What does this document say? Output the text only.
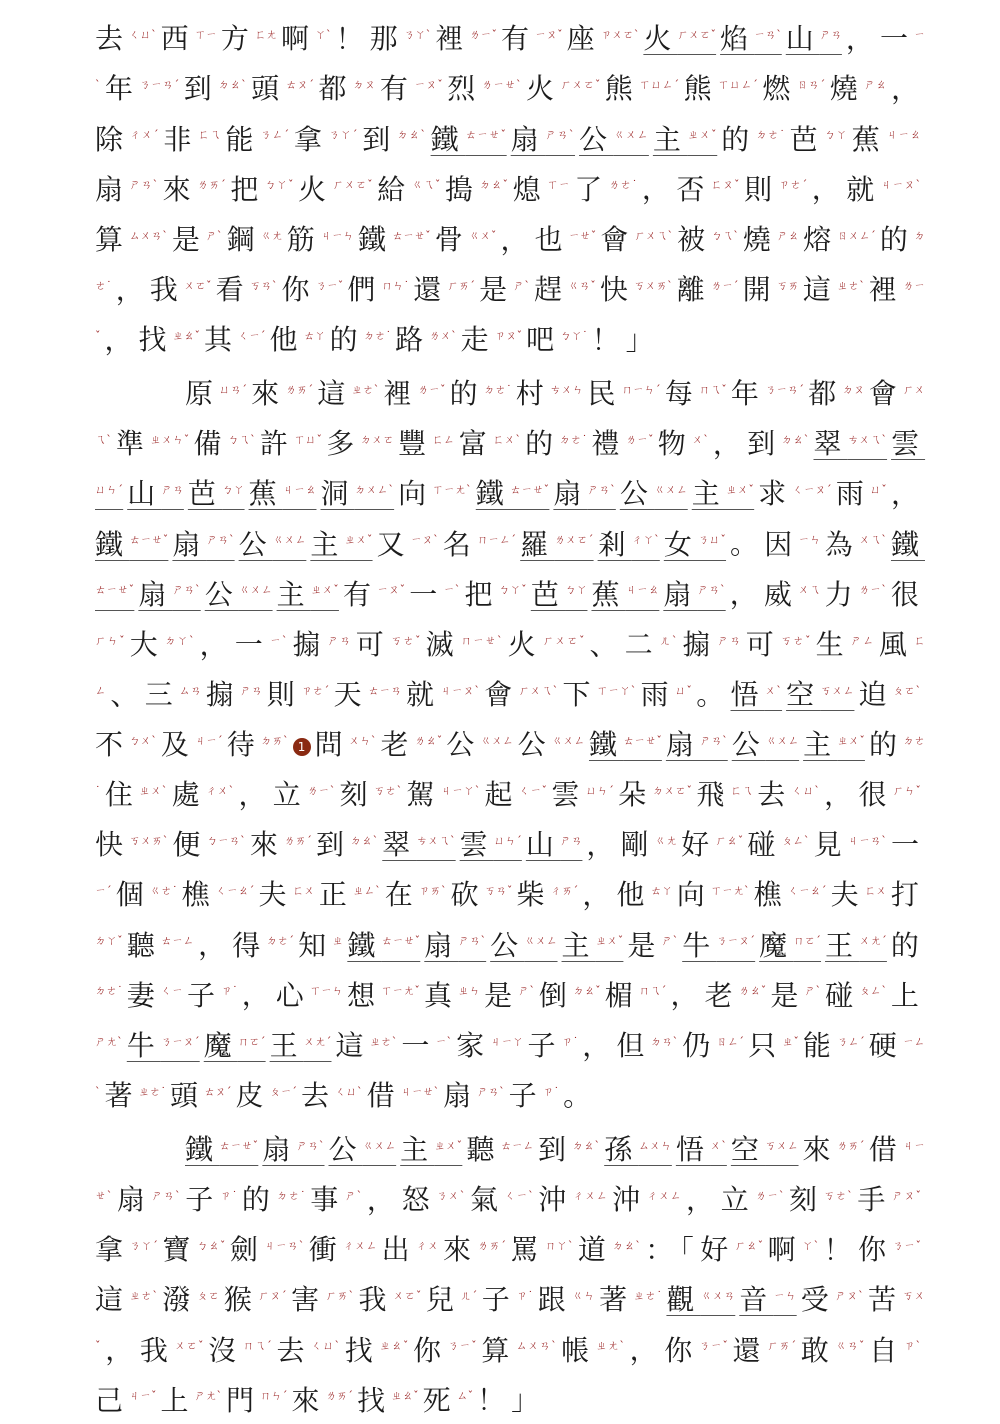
去$^{ㄑㄩˋ}$ 西$^{ㄒㄧ}$ 方$^{ㄈㄤ}$ 啊$^{ㄚˋ}$ ！那$^{ㄋㄚˋ}$ 裡$^{ㄌㄧˇ}$ 有$^{ㄧㄡˇ}$ 座$^{ㄗㄨㄛˋ}$ 火$^{ㄏㄨㄛˇ}$ 焰$^{ㄧㄢˋ}$ 山$^{ㄕㄢ}$ ，一$^{ㄧˋ}$ 年$^{ㄋㄧㄢˊ}$ 到$^{ㄉㄠˋ}$ 頭$^{ㄊㄡˊ}$ 都$^{ㄉㄡ}$ 有$^{ㄧㄡˇ}$ 烈$^{ㄌㄧㄝˋ}$ 火$^{ㄏㄨㄛˇ}$ 熊$^{ㄒㄩㄥˊ}$ 熊$^{ㄒㄩㄥˊ}$ 燃$^{ㄖㄢˊ}$ 燒$^{ㄕㄠ}$ ，除$^{ㄔㄨˊ}$ 非$^{ㄈㄟ}$ 能$^{ㄋㄥˊ}$ 拿$^{ㄋㄚˊ}$ 到$^{ㄉㄠˋ}$ 鐵$^{ㄊㄧㄝˇ}$ 扇$^{ㄕㄢˋ}$ 公$^{ㄍㄨㄥ}$ 主$^{ㄓㄨˇ}$ 的$^{ㄉㄜ˙}$ 芭$^{ㄅㄚ}$ 蕉$^{ㄐㄧㄠ}$扇$^{ㄕㄢˋ}$ 來$^{ㄌㄞˊ}$ 把$^{ㄅㄚˇ}$ 火$^{ㄏㄨㄛˇ}$ 給$^{ㄍㄟˇ}$ 搗$^{ㄉㄠˇ}$ 熄$^{ㄒㄧ}$ 了$^{ㄌㄜ˙}$ ，否$^{ㄈㄡˇ}$ 則$^{ㄗㄜˊ}$ ，就$^{ㄐㄧㄡˋ}$算$^{ㄙㄨㄢˋ}$ 是$^{ㄕˋ}$ 鋼$^{ㄍㄤ}$ 筋$^{ㄐㄧㄣ}$ 鐵$^{ㄊㄧㄝˇ}$ 骨$^{ㄍㄨˇ}$ ，也$^{ㄧㄝˇ}$ 會$^{ㄏㄨㄟˋ}$ 被$^{ㄅㄟˋ}$ 燒$^{ㄕㄠ}$ 熔$^{ㄖㄨㄥˊ}$ 的$^{ㄉㄜ˙}$ ，我$^{ㄨㄛˇ}$ 看$^{ㄎㄢˋ}$ 你$^{ㄋㄧˇ}$ 們$^{ㄇㄣ˙}$ 還$^{ㄏㄞˊ}$ 是$^{ㄕˋ}$ 趕$^{ㄍㄢˇ}$ 快$^{ㄎㄨㄞˋ}$ 離$^{ㄌㄧˊ}$ 開$^{ㄎㄞ}$ 這$^{ㄓㄜˋ}$ 裡$^{ㄌㄧˇ}$ ，找$^{ㄓㄠˇ}$ 其$^{ㄑㄧˊ}$ 他$^{ㄊㄚ}$ 的$^{ㄉㄜ˙}$ 路$^{ㄌㄨˋ}$ 走$^{ㄗㄡˇ}$ 吧$^{ㄅㄚ˙}$ ！」

原$^{ㄩㄢˊ}$ 來$^{ㄌㄞˊ}$ 這$^{ㄓㄜˋ}$ 裡$^{ㄌㄧˇ}$ 的$^{ㄉㄜ˙}$ 村$^{ㄘㄨㄣ}$ 民$^{ㄇㄧㄣˊ}$ 每$^{ㄇㄟˇ}$ 年$^{ㄋㄧㄢˊ}$ 都$^{ㄉㄡ}$ 會$^{ㄏㄨㄟˋ}$ 準$^{ㄓㄨㄣˇ}$ 備$^{ㄅㄟˋ}$ 許$^{ㄒㄩˇ}$ 多$^{ㄉㄨㄛ}$ 豐$^{ㄈㄥ}$ 富$^{ㄈㄨˋ}$ 的$^{ㄉㄜ˙}$ 禮$^{ㄌㄧˇ}$ 物$^{ㄨˋ}$ ，到$^{ㄉㄠˋ}$ 翠$^{ㄘㄨㄟˋ}$ 雲$^{ㄩㄣˊ}$ 山$^{ㄕㄢ}$ 芭$^{ㄅㄚ}$ 蕉$^{ㄐㄧㄠ}$ 洞$^{ㄉㄨㄥˋ}$ 向$^{ㄒㄧㄤˋ}$ 鐵$^{ㄊㄧㄝˇ}$ 扇$^{ㄕㄢˋ}$ 公$^{ㄍㄨㄥ}$ 主$^{ㄓㄨˇ}$ 求$^{ㄑㄧㄡˊ}$ 雨$^{ㄩˇ}$ ，鐵$^{ㄊㄧㄝˇ}$ 扇$^{ㄕㄢˋ}$ 公$^{ㄍㄨㄥ}$ 主$^{ㄓㄨˇ}$ 又$^{ㄧㄡˋ}$ 名$^{ㄇㄧㄥˊ}$ 羅$^{ㄌㄨㄛˊ}$ 剎$^{ㄔㄚˋ}$ 女$^{ㄋㄩˇ}$ 。因$^{ㄧㄣ}$ 為$^{ㄨㄟˋ}$ 鐵$^{ㄊㄧㄝˇ}$ 扇$^{ㄕㄢˋ}$ 公$^{ㄍㄨㄥ}$ 主$^{ㄓㄨˇ}$ 有$^{ㄧㄡˇ}$ 一$^{ㄧˋ}$ 把$^{ㄅㄚˇ}$ 芭$^{ㄅㄚ}$ 蕉$^{ㄐㄧㄠ}$ 扇$^{ㄕㄢˋ}$ ，威$^{ㄨㄟ}$ 力$^{ㄌㄧˋ}$ 很$^{ㄏㄣˇ}$ 大$^{ㄉㄚˋ}$ ，一$^{ㄧˋ}$ 搧$^{ㄕㄢ}$ 可$^{ㄎㄜˇ}$ 滅$^{ㄇㄧㄝˋ}$ 火$^{ㄏㄨㄛˇ}$ 、二$^{ㄦˋ}$ 搧$^{ㄕㄢ}$ 可$^{ㄎㄜˇ}$ 生$^{ㄕㄥ}$ 風$^{ㄈㄥ}$ 、三$^{ㄙㄢ}$ 搧$^{ㄕㄢ}$ 則$^{ㄗㄜˊ}$ 天$^{ㄊㄧㄢ}$ 就$^{ㄐㄧㄡˋ}$ 會$^{ㄏㄨㄟˋ}$ 下$^{ㄒㄧㄚˋ}$ 雨$^{ㄩˇ}$ 。悟$^{ㄨˋ}$ 空$^{ㄎㄨㄥ}$ 迫$^{ㄆㄛˋ}$不$^{ㄅㄨˋ}$ 及$^{ㄐㄧˊ}$ 待$^{ㄉㄞˋ}$ 1 問$^{ㄨㄣˋ}$ 老$^{ㄌㄠˇ}$ 公$^{ㄍㄨㄥ}$ 公$^{ㄍㄨㄥ}$ 鐵$^{ㄊㄧㄝˇ}$ 扇$^{ㄕㄢˋ}$ 公$^{ㄍㄨㄥ}$ 主$^{ㄓㄨˇ}$ 的$^{ㄉㄜ˙}$ 住$^{ㄓㄨˋ}$ 處$^{ㄔㄨˋ}$ ，立$^{ㄌㄧˋ}$ 刻$^{ㄎㄜˋ}$ 駕$^{ㄐㄧㄚˋ}$ 起$^{ㄑㄧˇ}$ 雲$^{ㄩㄣˊ}$ 朵$^{ㄉㄨㄛˇ}$ 飛$^{ㄈㄟ}$ 去$^{ㄑㄩˋ}$ ，很$^{ㄏㄣˇ}$快$^{ㄎㄨㄞˋ}$ 便$^{ㄅㄧㄢˋ}$ 來$^{ㄌㄞˊ}$ 到$^{ㄉㄠˋ}$ 翠$^{ㄘㄨㄟˋ}$ 雲$^{ㄩㄣˊ}$ 山$^{ㄕㄢ}$ ，剛$^{ㄍㄤ}$ 好$^{ㄏㄠˇ}$ 碰$^{ㄆㄥˋ}$ 見$^{ㄐㄧㄢˋ}$ 一$^{ㄧˊ}$ 個$^{ㄍㄜ˙}$ 樵$^{ㄑㄧㄠˊ}$ 夫$^{ㄈㄨ}$ 正$^{ㄓㄥˋ}$ 在$^{ㄗㄞˋ}$ 砍$^{ㄎㄢˇ}$ 柴$^{ㄔㄞˊ}$ ，他$^{ㄊㄚ}$ 向$^{ㄒㄧㄤˋ}$ 樵$^{ㄑㄧㄠˊ}$ 夫$^{ㄈㄨ}$ 打$^{ㄉㄚˇ}$ 聽$^{ㄊㄧㄥ}$ ，得$^{ㄉㄜˊ}$ 知$^ㄓ$ 鐵$^{ㄊㄧㄝˇ}$ 扇$^{ㄕㄢˋ}$ 公$^{ㄍㄨㄥ}$ 主$^{ㄓㄨˇ}$ 是$^{ㄕˋ}$ 牛$^{ㄋㄧㄡˊ}$ 魔$^{ㄇㄛˊ}$ 王$^{ㄨㄤˊ}$ 的$^{ㄉㄜ˙}$ 妻$^{ㄑㄧ}$ 子$^{ㄗ˙}$ ，心$^{ㄒㄧㄣ}$ 想$^{ㄒㄧㄤˇ}$ 真$^{ㄓㄣ}$ 是$^{ㄕˋ}$ 倒$^{ㄉㄠˇ}$ 楣$^{ㄇㄟˊ}$ ，老$^{ㄌㄠˇ}$ 是$^{ㄕˋ}$ 碰$^{ㄆㄥˋ}$ 上$^{ㄕㄤˋ}$ 牛$^{ㄋㄧㄡˊ}$ 魔$^{ㄇㄛˊ}$ 王$^{ㄨㄤˊ}$ 這$^{ㄓㄜˋ}$ 一$^{ㄧˋ}$ 家$^{ㄐㄧㄚ}$ 子$^{ㄗ˙}$ ，但$^{ㄉㄢˋ}$ 仍$^{ㄖㄥˊ}$ 只$^{ㄓˇ}$ 能$^{ㄋㄥˊ}$ 硬$^{ㄧㄥˋ}$ 著$^{ㄓㄜ˙}$ 頭$^{ㄊㄡˊ}$ 皮$^{ㄆㄧˊ}$ 去$^{ㄑㄩˋ}$ 借$^{ㄐㄧㄝˋ}$ 扇$^{ㄕㄢˋ}$ 子$^{ㄗ˙}$ 。

鐵$^{ㄊㄧㄝˇ}$ 扇$^{ㄕㄢˋ}$ 公$^{ㄍㄨㄥ}$ 主$^{ㄓㄨˇ}$ 聽$^{ㄊㄧㄥ}$ 到$^{ㄉㄠˋ}$ 孫$^{ㄙㄨㄣ}$ 悟$^{ㄨˋ}$ 空$^{ㄎㄨㄥ}$ 來$^{ㄌㄞˊ}$ 借$^{ㄐㄧㄝˋ}$ 扇$^{ㄕㄢˋ}$ 子$^{ㄗ˙}$ 的$^{ㄉㄜ˙}$ 事$^{ㄕˋ}$ ，怒$^{ㄋㄨˋ}$ 氣$^{ㄑㄧˋ}$ 沖$^{ㄔㄨㄥ}$ 沖$^{ㄔㄨㄥ}$ ，立$^{ㄌㄧˋ}$ 刻$^{ㄎㄜˋ}$ 手$^{ㄕㄡˇ}$拿$^{ㄋㄚˊ}$ 寶$^{ㄅㄠˇ}$ 劍$^{ㄐㄧㄢˋ}$ 衝$^{ㄔㄨㄥ}$ 出$^{ㄔㄨ}$ 來$^{ㄌㄞˊ}$ 罵$^{ㄇㄚˋ}$ 道$^{ㄉㄠˋ}$ ：「好$^{ㄏㄠˇ}$ 啊$^{ㄚˋ}$ ！你$^{ㄋㄧˇ}$這$^{ㄓㄜˋ}$ 潑$^{ㄆㄛ}$ 猴$^{ㄏㄡˊ}$ 害$^{ㄏㄞˋ}$ 我$^{ㄨㄛˇ}$ 兒$^{ㄦˊ}$ 子$^{ㄗ˙}$ 跟$^{ㄍㄣ}$ 著$^{ㄓㄜ˙}$ 觀$^{ㄍㄨㄢ}$ 音$^{ㄧㄣ}$ 受$^{ㄕㄡˋ}$ 苦$^{ㄎㄨˇ}$ ，我$^{ㄨㄛˇ}$ 沒$^{ㄇㄟˊ}$ 去$^{ㄑㄩˋ}$ 找$^{ㄓㄠˇ}$ 你$^{ㄋㄧˇ}$ 算$^{ㄙㄨㄢˋ}$ 帳$^{ㄓㄤˋ}$ ，你$^{ㄋㄧˇ}$ 還$^{ㄏㄞˊ}$ 敢$^{ㄍㄢˇ}$ 自$^{ㄗˋ}$己$^{ㄐㄧˇ}$ 上$^{ㄕㄤˋ}$ 門$^{ㄇㄣˊ}$ 來$^{ㄌㄞˊ}$ 找$^{ㄓㄠˇ}$ 死$^{ㄙˇ}$ ！」
